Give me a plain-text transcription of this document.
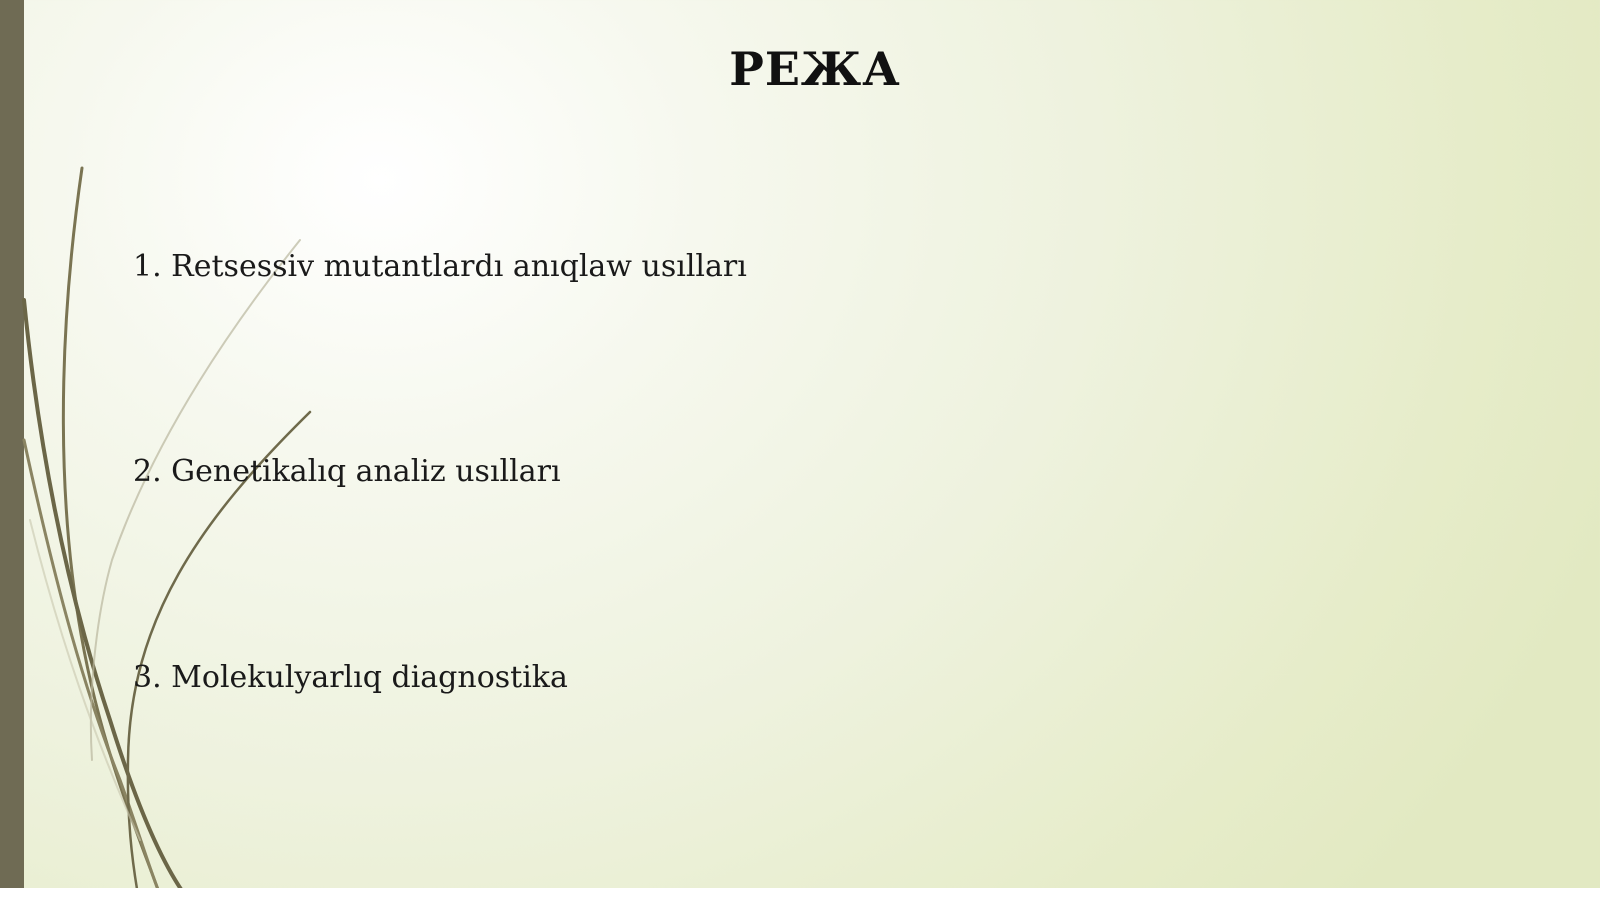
РЕЖА
1. Retsessiv mutantlardı anıqlaw usılları
2. Genetikalıq analiz usılları
3. Molekulyarlıq diagnostika
